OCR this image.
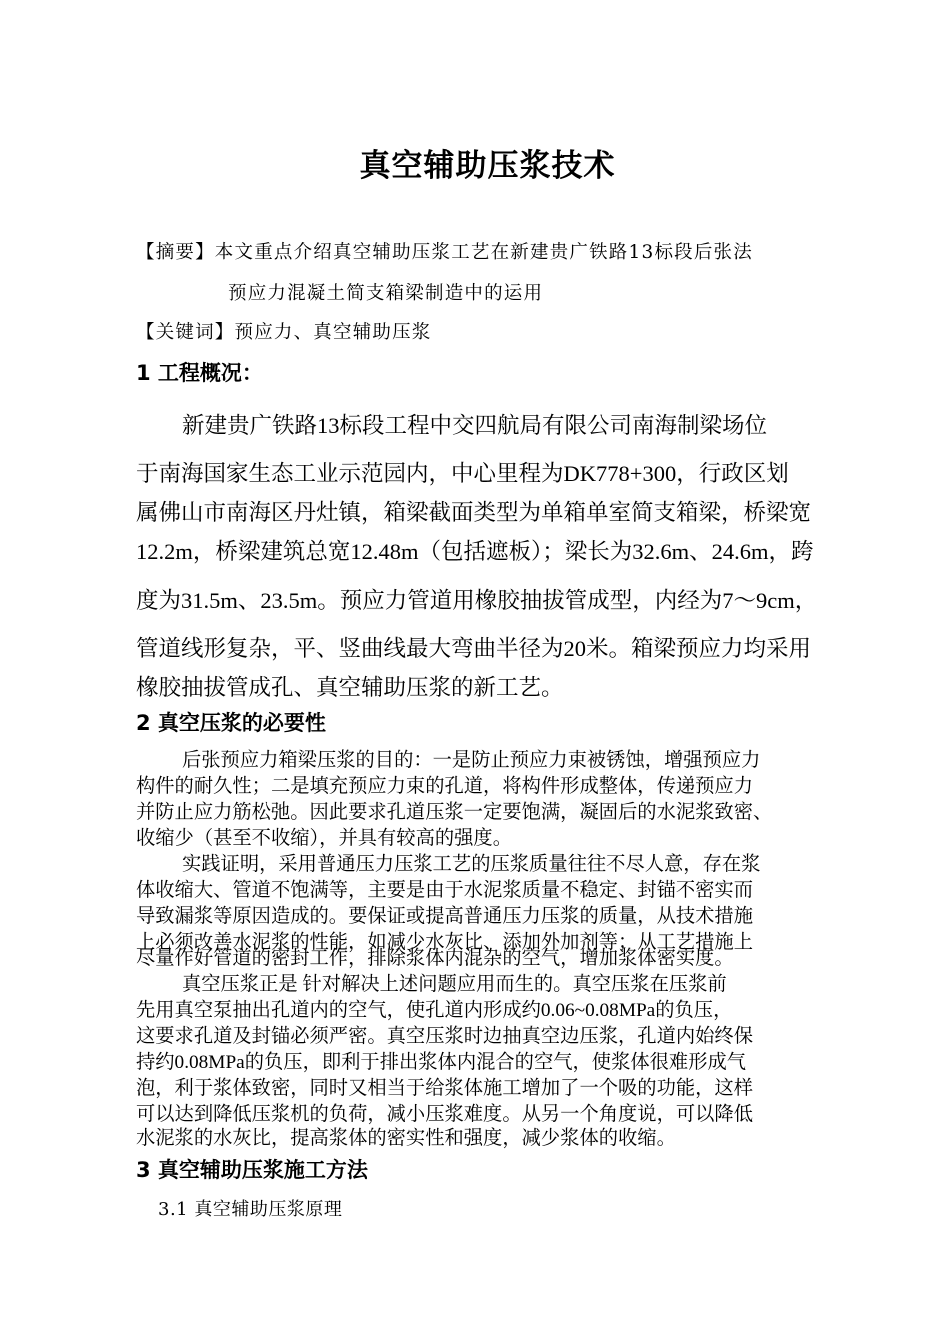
真空辅助压浆技术
【摘要】本文重点介绍真空辅助压浆工艺在新建贵广铁路13标段后张法
预应力混凝土简支箱梁制造中的运用
【关键词】预应力、真空辅助压浆
1 工程概况：
新建贵广铁路13标段工程中交四航局有限公司南海制梁场位
于南海国家生态工业示范园内，中心里程为DK778+300，行政区划
属佛山市南海区丹灶镇，箱梁截面类型为单箱单室简支箱梁，桥梁宽
12.2m，桥梁建筑总宽12.48m（包括遮板）；梁长为32.6m、24.6m，跨
度为31.5m、23.5m。预应力管道用橡胶抽拔管成型，内经为7～9cm，
管道线形复杂，平、竖曲线最大弯曲半径为20米。箱梁预应力均采用
橡胶抽拔管成孔、真空辅助压浆的新工艺。
2 真空压浆的必要性
后张预应力箱梁压浆的目的：一是防止预应力束被锈蚀，增强预应力
构件的耐久性；二是填充预应力束的孔道，将构件形成整体，传递预应力
并防止应力筋松弛。因此要求孔道压浆一定要饱满，凝固后的水泥浆致密、
收缩少（甚至不收缩），并具有较高的强度。
实践证明，采用普通压力压浆工艺的压浆质量往往不尽人意，存在浆
体收缩大、管道不饱满等，主要是由于水泥浆质量不稳定、封锚不密实而
导致漏浆等原因造成的。要保证或提高普通压力压浆的质量，从技术措施
上必须改善水泥浆的性能，如减少水灰比、添加外加剂等；从工艺措施上
尽量作好管道的密封工作，排除浆体内混杂的空气，增加浆体密实度。
真空压浆正是 针对解决上述问题应用而生的。真空压浆在压浆前
先用真空泵抽出孔道内的空气，使孔道内形成约0.06~0.08MPa的负压，
这要求孔道及封锚必须严密。真空压浆时边抽真空边压浆，孔道内始终保
持约0.08MPa的负压，即利于排出浆体内混合的空气，使浆体很难形成气
泡，利于浆体致密，同时又相当于给浆体施工增加了一个吸的功能，这样
可以达到降低压浆机的负荷，减小压浆难度。从另一个角度说，可以降低
水泥浆的水灰比，提高浆体的密实性和强度，减少浆体的收缩。
3 真空辅助压浆施工方法
3.1 真空辅助压浆原理
